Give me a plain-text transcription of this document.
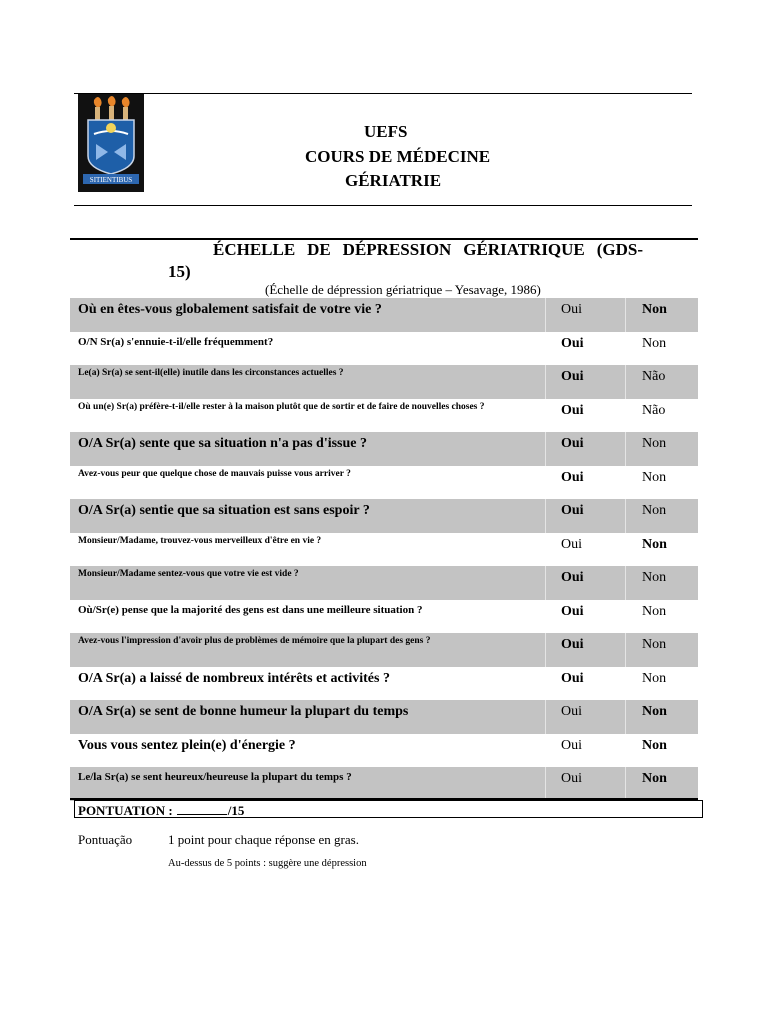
SITIENTIBUS
UEFS
COURS DE MÉDECINE
GÉRIATRIE
ÉCHELLE DE DÉPRESSION GÉRIATRIQUE (GDS-
15)
(Échelle de dépression gériatrique – Yesavage, 1986)
Où en êtes-vous globalement satisfait de votre vie ?	Oui	Non
O/N Sr(a) s'ennuie-t-il/elle fréquemment?	Oui	Non
Le(a) Sr(a) se sent-il(elle) inutile dans les circonstances actuelles ?	Oui	Não
Où un(e) Sr(a) préfère-t-il/elle rester à la maison plutôt que de sortir et de faire de nouvelles choses ?	Oui	Não
O/A Sr(a) sente que sa situation n'a pas d'issue ?	Oui	Non
Avez-vous peur que quelque chose de mauvais puisse vous arriver ?	Oui	Non
O/A Sr(a) sentie que sa situation est sans espoir ?	Oui	Non
Monsieur/Madame, trouvez-vous merveilleux d'être en vie ?	Oui	Non
Monsieur/Madame sentez-vous que votre vie est vide ?	Oui	Non
Où/Sr(e) pense que la majorité des gens est dans une meilleure situation ?	Oui	Non
Avez-vous l'impression d'avoir plus de problèmes de mémoire que la plupart des gens ?	Oui	Non
O/A Sr(a) a laissé de nombreux intérêts et activités ?	Oui	Non
O/A Sr(a) se sent de bonne humeur la plupart du temps	Oui	Non
Vous vous sentez plein(e) d'énergie ?	Oui	Non
Le/la Sr(a) se sent heureux/heureuse la plupart du temps ?	Oui	Non
PONTUATION :	/15
Pontuação	1 point pour chaque réponse en gras.
Au-dessus de 5 points : suggère une dépression
